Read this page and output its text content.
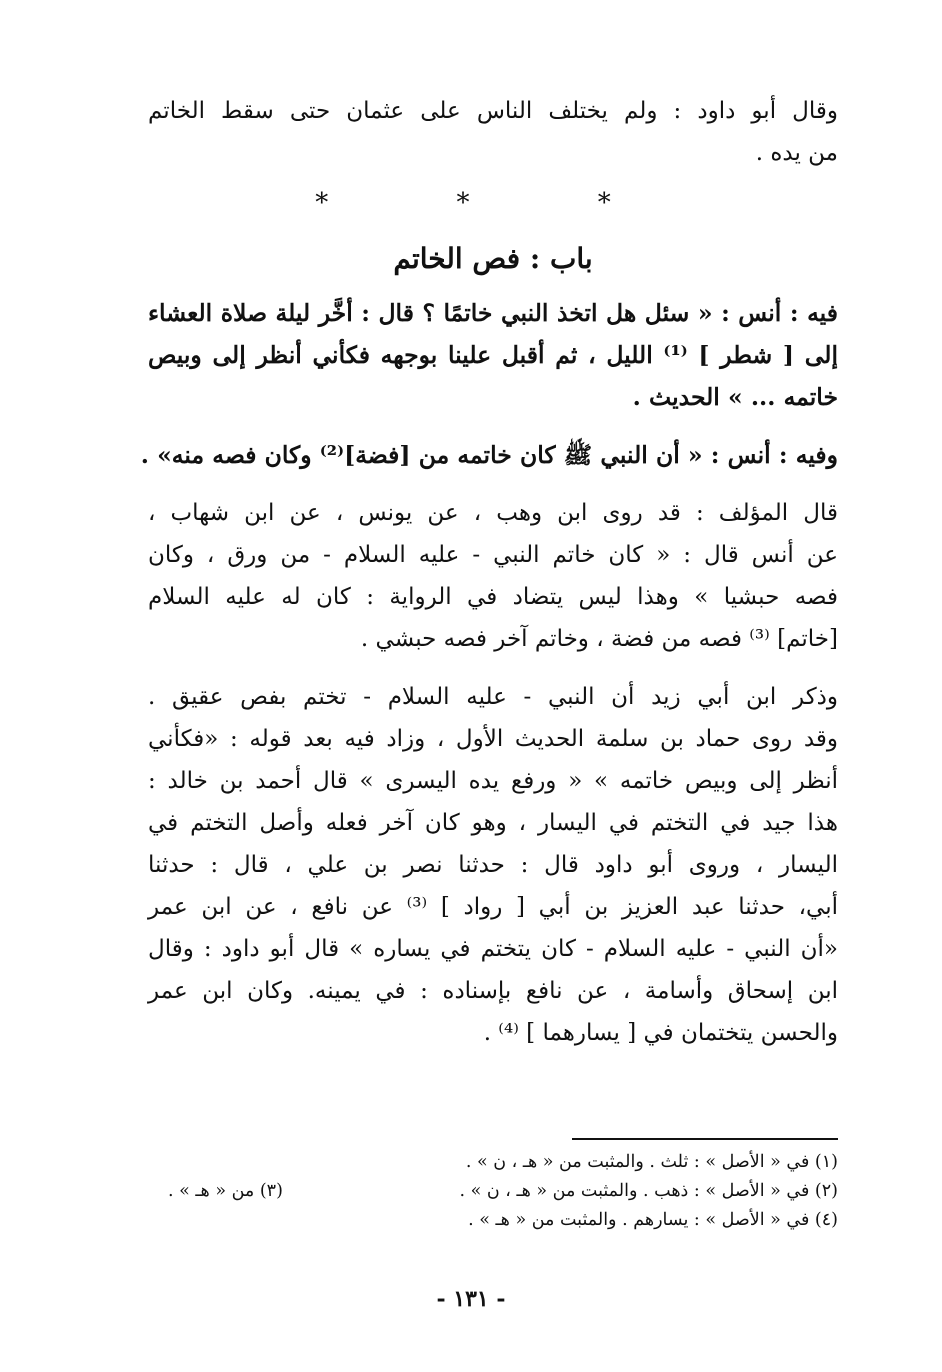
وقال أبو داود : ولم يختلف الناس على عثمان حتى سقط الخاتم
من يده .
* * *
باب : فص الخاتم
فيه : أنس : « سئل هل اتخذ النبي خاتمًا ؟ قال : أخَّر ليلة صلاة العشاء
إلى [ شطر ] ⁽¹⁾ الليل ، ثم أقبل علينا بوجهه فكأني أنظر إلى وبيص
خاتمه ... » الحديث .
وفيه : أنس : « أن النبي ﷺ كان خاتمه من [فضة]⁽²⁾ وكان فصه منه» .
قال المؤلف : قد روى ابن وهب ، عن يونس ، عن ابن شهاب ،
عن أنس قال : « كان خاتم النبي - عليه السلام - من ورق ، وكان
فصه حبشيا » وهذا ليس يتضاد في الرواية : كان له عليه السلام
[خاتم] ⁽³⁾ فصه من فضة ، وخاتم آخر فصه حبشي .
وذكر ابن أبي زيد أن النبي - عليه السلام - تختم بفص عقيق .
وقد روى حماد بن سلمة الحديث الأول ، وزاد فيه بعد قوله : «فكأني
أنظر إلى وبيص خاتمه » « ورفع يده اليسرى » قال أحمد بن خالد :
هذا جيد في التختم في اليسار ، وهو كان آخر فعله وأصل التختم في
اليسار ، وروى أبو داود قال : حدثنا نصر بن علي ، قال : حدثنا
أبي، حدثنا عبد العزيز بن أبي [ رواد ] ⁽³⁾ عن نافع ، عن ابن عمر
«أن النبي - عليه السلام - كان يتختم في يساره » قال أبو داود : وقال
ابن إسحاق وأسامة ، عن نافع بإسناده : في يمينه. وكان ابن عمر
والحسن يتختمان في [ يسارهما ] ⁽⁴⁾ .
(١) في « الأصل » : ثلث . والمثبت من « هـ ، ن » .
(٢) في « الأصل » : ذهب . والمثبت من « هـ ، ن » .
(٣) من « هـ » .
(٤) في « الأصل » : يسارهم . والمثبت من « هـ » .
- ١٣١ -
